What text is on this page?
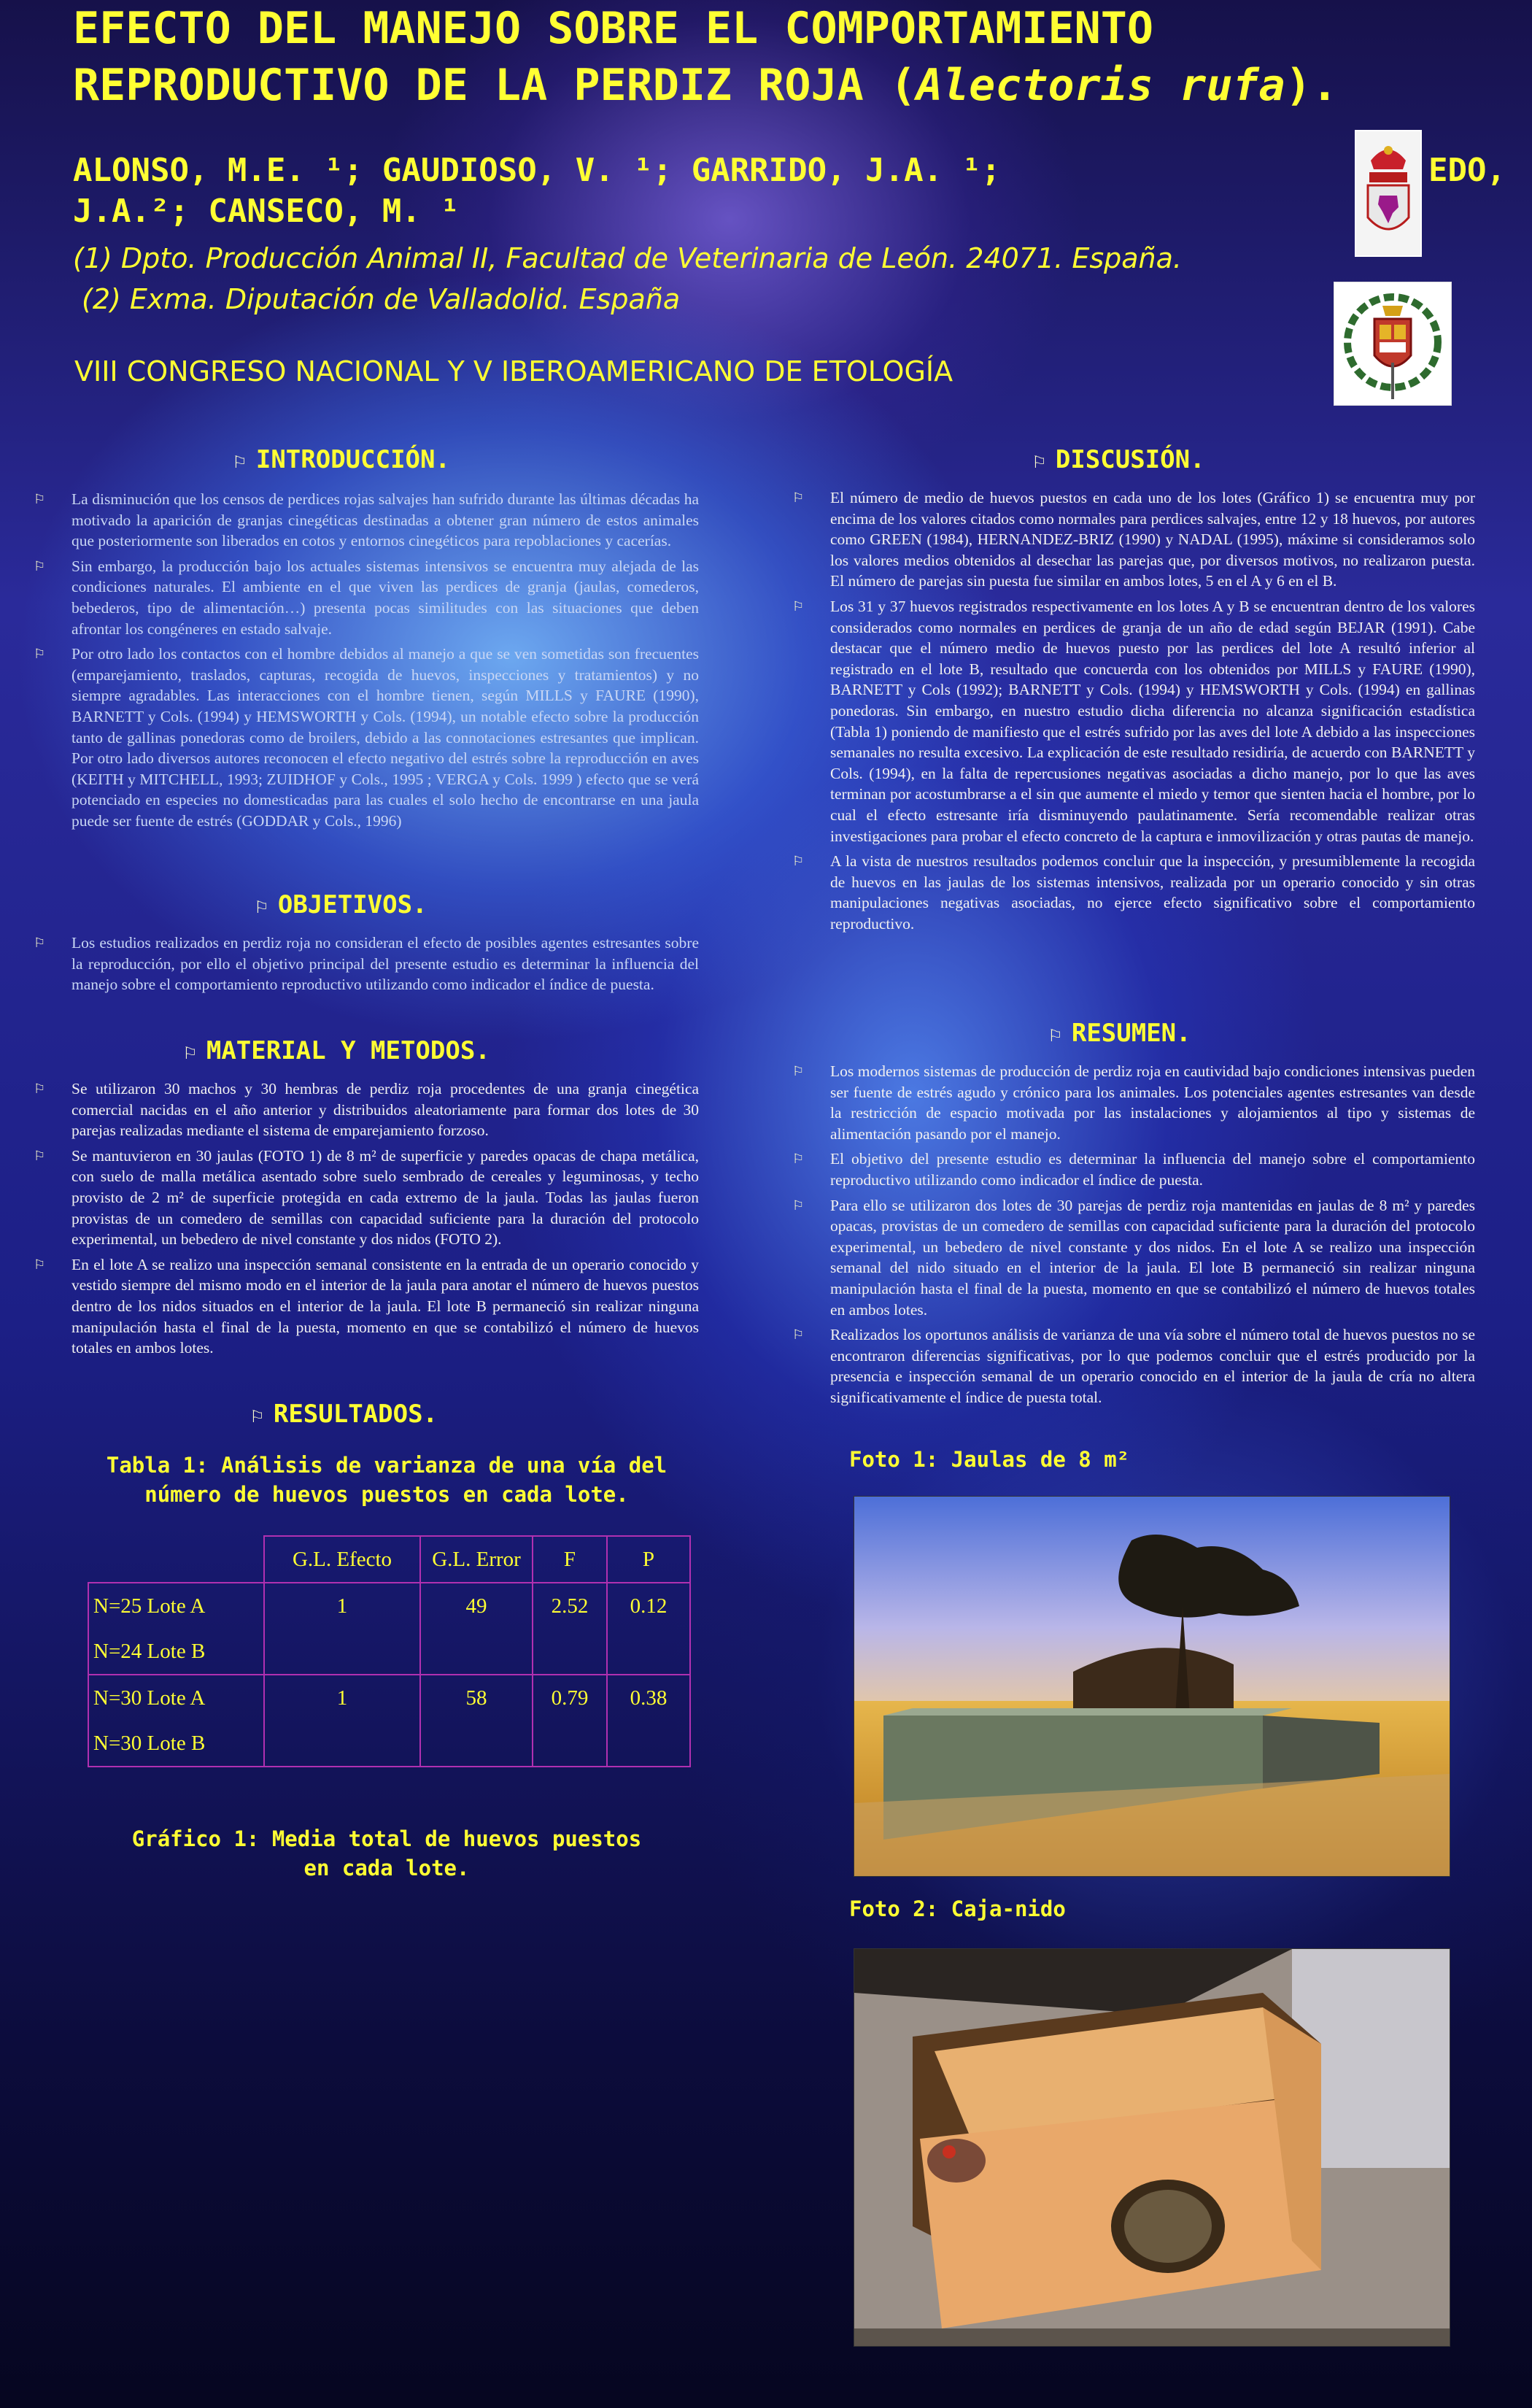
EFECTO DEL MANEJO SOBRE EL COMPORTAMIENTO
REPRODUCTIVO DE LA PERDIZ ROJA (Alectoris rufa).
ALONSO, M.E. ¹; GAUDIOSO, V. ¹; GARRIDO, J.A. ¹;
J.A.²; CANSECO, M. ¹
EDO,
(1) Dpto. Producción Animal II, Facultad de Veterinaria de León. 24071. España.
(2) Exma. Diputación de Valladolid. España
VIII CONGRESO NACIONAL Y V IBEROAMERICANO DE ETOLOGÍA
⚐ INTRODUCCIÓN.
⚐ La disminución que los censos de perdices rojas salvajes han sufrido durante las últimas décadas ha motivado la aparición de granjas cinegéticas destinadas a obtener gran número de estos animales que posteriormente son liberados en cotos y entornos cinegéticos para repoblaciones y cacerías.
⚐ Sin embargo, la producción bajo los actuales sistemas intensivos se encuentra muy alejada de las condiciones naturales. El ambiente en el que viven las perdices de granja (jaulas, comederos, bebederos, tipo de alimentación…) presenta pocas similitudes con las situaciones que deben afrontar los congéneres en estado salvaje.
⚐ Por otro lado los contactos con el hombre debidos al manejo a que se ven sometidas son frecuentes (emparejamiento, traslados, capturas, recogida de huevos, inspecciones y tratamientos) y no siempre agradables. Las interacciones con el hombre tienen, según MILLS y FAURE (1990), BARNETT y Cols. (1994) y HEMSWORTH y Cols. (1994), un notable efecto sobre la producción tanto de gallinas ponedoras como de broilers, debido a las connotaciones estresantes que implican. Por otro lado diversos autores reconocen el efecto negativo del estrés sobre la reproducción en aves (KEITH y MITCHELL, 1993; ZUIDHOF y Cols., 1995 ; VERGA y Cols. 1999 ) efecto que se verá potenciado en especies no domesticadas para las cuales el solo hecho de encontrarse en una jaula puede ser fuente de estrés (GODDAR y Cols., 1996)
⚐ OBJETIVOS.
⚐ Los estudios realizados en perdiz roja no consideran el efecto de posibles agentes estresantes sobre la reproducción, por ello el objetivo principal del presente estudio es determinar la influencia del manejo sobre el comportamiento reproductivo utilizando como indicador el índice de puesta.
⚐ MATERIAL Y METODOS.
⚐ Se utilizaron 30 machos y 30 hembras de perdiz roja procedentes de una granja cinegética comercial nacidas en el año anterior y distribuidos aleatoriamente para formar dos lotes de 30 parejas realizadas mediante el sistema de emparejamiento forzoso.
⚐ Se mantuvieron en 30 jaulas (FOTO 1) de 8 m² de superficie y paredes opacas de chapa metálica, con suelo de malla metálica asentado sobre suelo sembrado de cereales y leguminosas, y techo provisto de 2 m² de superficie protegida en cada extremo de la jaula. Todas las jaulas fueron provistas de un comedero de semillas con capacidad suficiente para la duración del protocolo experimental, un bebedero de nivel constante y dos nidos (FOTO 2).
⚐ En el lote A se realizo una inspección semanal consistente en la entrada de un operario conocido y vestido siempre del mismo modo en el interior de la jaula para anotar el número de huevos puestos dentro de los nidos situados en el interior de la jaula. El lote B permaneció sin realizar ninguna manipulación hasta el final de la puesta, momento en que se contabilizó el número de huevos totales en ambos lotes.
⚐ RESULTADOS.
Tabla 1: Análisis de varianza de una vía del número de huevos puestos en cada lote.
	G.L. Efecto	G.L. Error	F	P
N=25 Lote A	1	49	2.52	0.12
N=24 Lote B				
N=30 Lote A	1	58	0.79	0.38
N=30 Lote B				
Gráfico 1: Media total de huevos puestos en cada lote.
⚐ DISCUSIÓN.
⚐ El número de medio de huevos puestos en cada uno de los lotes (Gráfico 1) se encuentra muy por encima de los valores citados como normales para perdices salvajes, entre 12 y 18 huevos, por autores como GREEN (1984), HERNANDEZ-BRIZ (1990) y NADAL (1995), máxime si consideramos solo los valores medios obtenidos al desechar las parejas que, por diversos motivos, no realizaron puesta. El número de parejas sin puesta fue similar en ambos lotes, 5 en el A y 6 en el B.
⚐ Los 31 y 37 huevos registrados respectivamente en los lotes A y B se encuentran dentro de los valores considerados como normales en perdices de granja de un año de edad según BEJAR (1991). Cabe destacar que el número medio de huevos puesto por las perdices del lote A resultó inferior al registrado en el lote B, resultado que concuerda con los obtenidos por MILLS y FAURE (1990), BARNETT y Cols (1992); BARNETT y Cols. (1994) y HEMSWORTH y Cols. (1994) en gallinas ponedoras. Sin embargo, en nuestro estudio dicha diferencia no alcanza significación estadística (Tabla 1) poniendo de manifiesto que el estrés sufrido por las aves del lote A debido a las inspecciones semanales no resulta excesivo. La explicación de este resultado residiría, de acuerdo con BARNETT y Cols. (1994), en la falta de repercusiones negativas asociadas a dicho manejo, por lo que las aves terminan por acostumbrarse a el sin que aumente el miedo y temor que sienten hacia el hombre, por lo cual el efecto estresante iría disminuyendo paulatinamente. Sería recomendable realizar otras investigaciones para probar el efecto concreto de la captura e inmovilización y otras pautas de manejo.
⚐ A la vista de nuestros resultados podemos concluir que la inspección, y presumiblemente la recogida de huevos en las jaulas de los sistemas intensivos, realizada por un operario conocido y sin otras manipulaciones negativas asociadas, no ejerce efecto significativo sobre el comportamiento reproductivo.
⚐ RESUMEN.
⚐ Los modernos sistemas de producción de perdiz roja en cautividad bajo condiciones intensivas pueden ser fuente de estrés agudo y crónico para los animales. Los potenciales agentes estresantes van desde la restricción de espacio motivada por las instalaciones y alojamientos al tipo y sistemas de alimentación pasando por el manejo.
⚐ El objetivo del presente estudio es determinar la influencia del manejo sobre el comportamiento reproductivo utilizando como indicador el índice de puesta.
⚐ Para ello se utilizaron dos lotes de 30 parejas de perdiz roja mantenidas en jaulas de 8 m² y paredes opacas, provistas de un comedero de semillas con capacidad suficiente para la duración del protocolo experimental, un bebedero de nivel constante y dos nidos. En el lote A se realizo una inspección semanal del nido situado en el interior de la jaula. El lote B permaneció sin realizar ninguna manipulación hasta el final de la puesta, momento en que se contabilizó el número de huevos totales en ambos lotes.
⚐ Realizados los oportunos análisis de varianza de una vía sobre el número total de huevos puestos no se encontraron diferencias significativas, por lo que podemos concluir que el estrés producido por la presencia e inspección semanal de un operario conocido en el interior de la jaula de cría no altera significativamente el índice de puesta total.
Foto 1: Jaulas de 8 m²
Foto 2: Caja-nido
